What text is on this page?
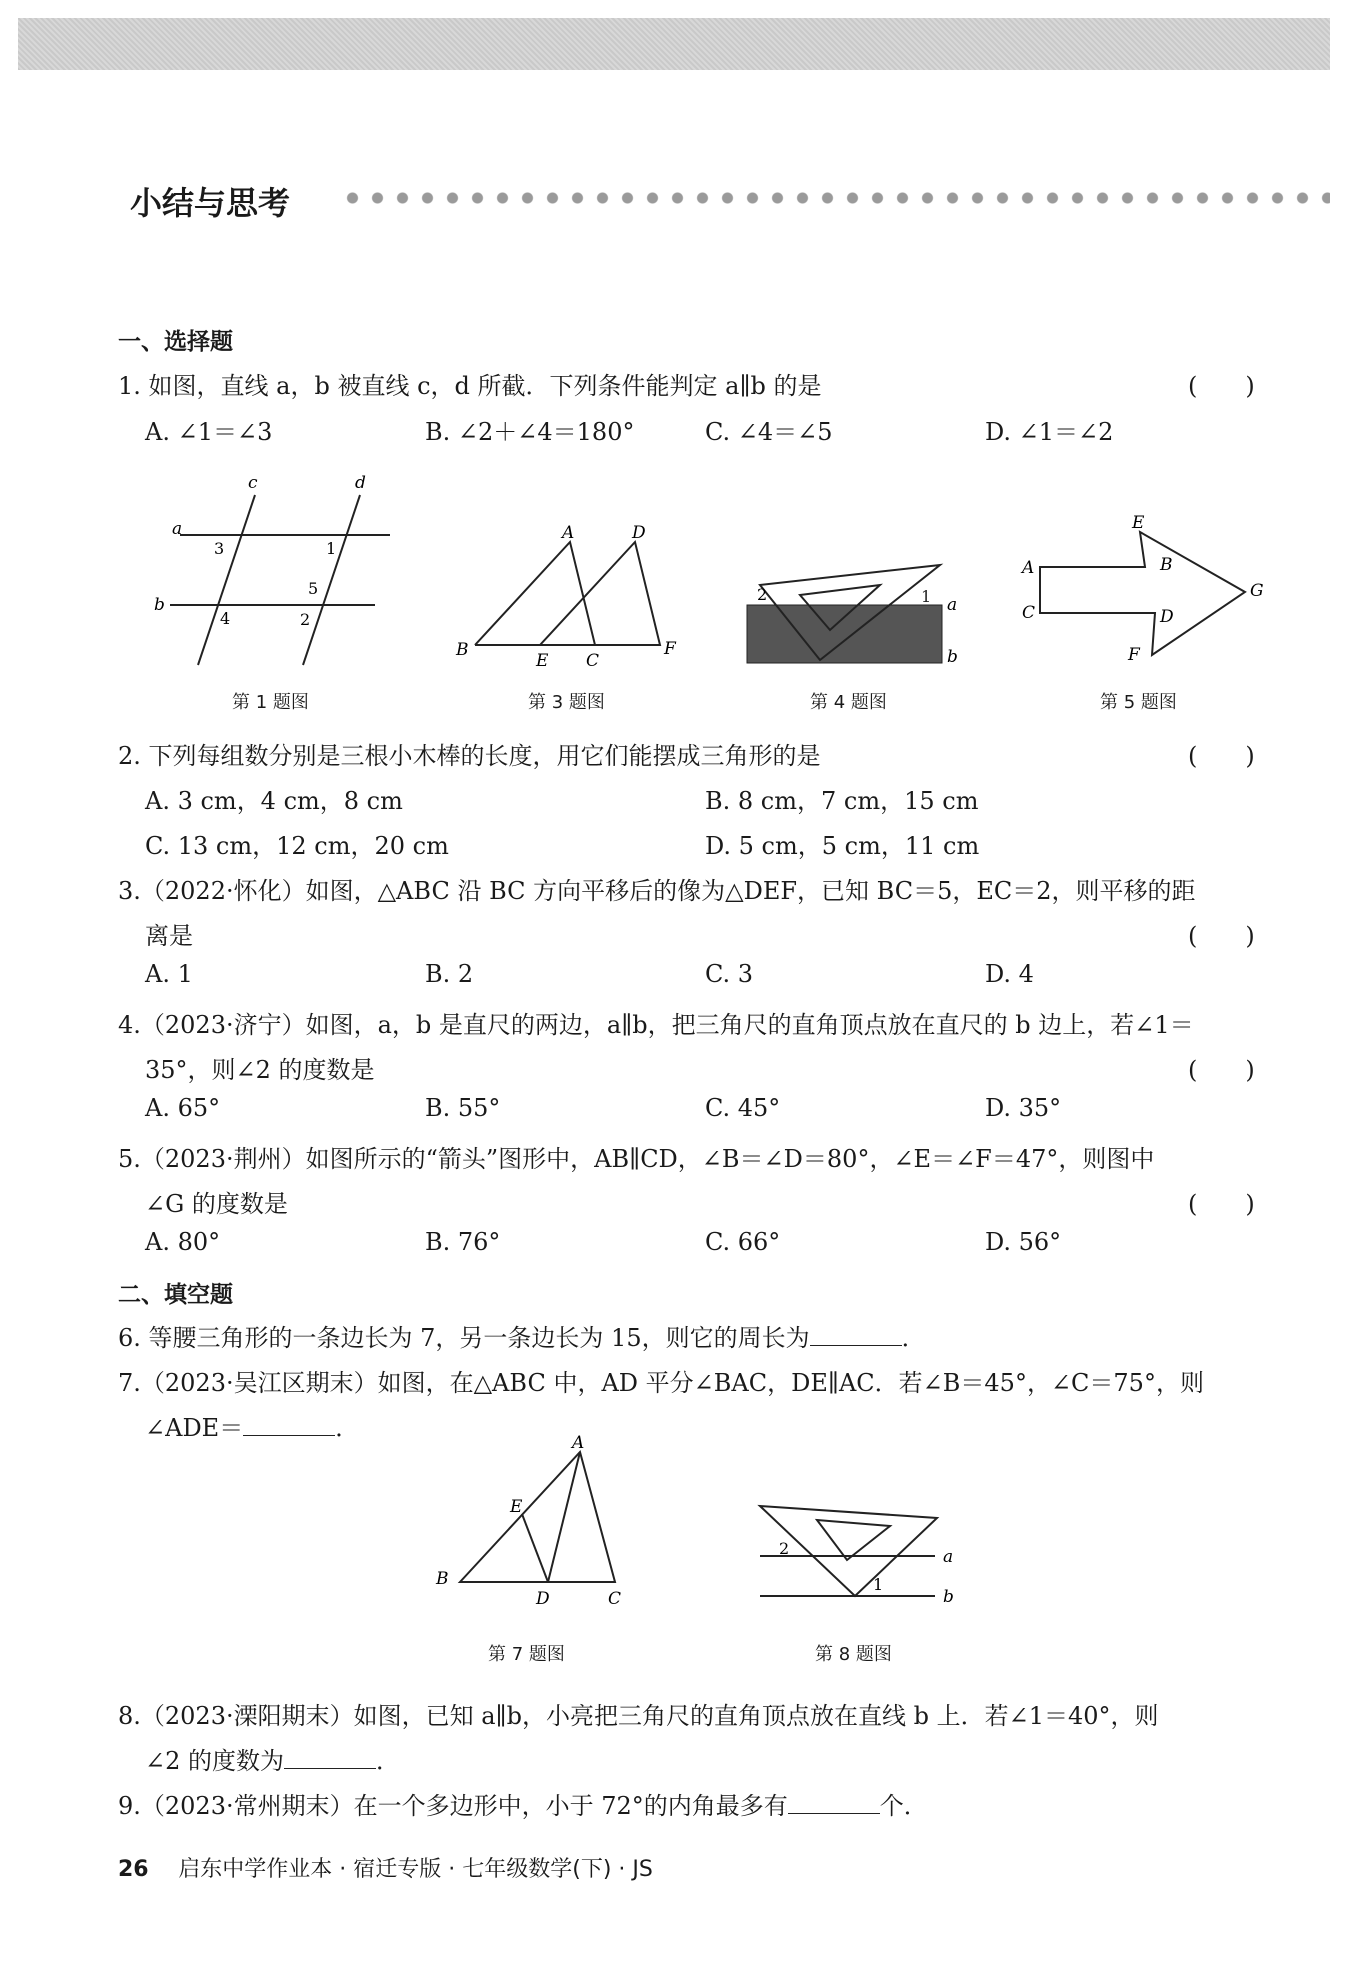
小结与思考
一、选择题
1. 如图，直线 a，b 被直线 c，d 所截．下列条件能判定 a∥b 的是	(　　)
A. ∠1＝∠3	B. ∠2＋∠4＝180°	C. ∠4＝∠5	D. ∠1＝∠2
a
b
c	d
1
2
3
4
5
A
B
C
D
E
F
1
2
a
b
E
A	B
C	D
F
G
第 1 题图	第 3 题图	第 4 题图	第 5 题图
2. 下列每组数分别是三根小木棒的长度，用它们能摆成三角形的是	(　　)
A. 3 cm，4 cm，8 cm	B. 8 cm，7 cm，15 cm
C. 13 cm，12 cm，20 cm	D. 5 cm，5 cm，11 cm
3.（2022·怀化）如图，△ABC 沿 BC 方向平移后的像为△DEF，已知 BC＝5，EC＝2，则平移的距
离是	(　　)
A. 1	B. 2	C. 3	D. 4
4.（2023·济宁）如图，a，b 是直尺的两边，a∥b，把三角尺的直角顶点放在直尺的 b 边上，若∠1＝
35°，则∠2 的度数是	(　　)
A. 65°	B. 55°	C. 45°	D. 35°
5.（2023·荆州）如图所示的“箭头”图形中，AB∥CD，∠B＝∠D＝80°，∠E＝∠F＝47°，则图中
∠G 的度数是	(　　)
A. 80°	B. 76°	C. 66°	D. 56°
二、填空题
6. 等腰三角形的一条边长为 7，另一条边长为 15，则它的周长为	．
7.（2023·吴江区期末）如图，在△ABC 中，AD 平分∠BAC，DE∥AC．若∠B＝45°，∠C＝75°，则
∠ADE＝	．
A
B
C
D
E
2
1
a
b
第 7 题图	第 8 题图
8.（2023·溧阳期末）如图，已知 a∥b，小亮把三角尺的直角顶点放在直线 b 上．若∠1＝40°，则
∠2 的度数为	．
9.（2023·常州期末）在一个多边形中，小于 72°的内角最多有	个．
26 启东中学作业本 · 宿迁专版 · 七年级数学(下) · JS
